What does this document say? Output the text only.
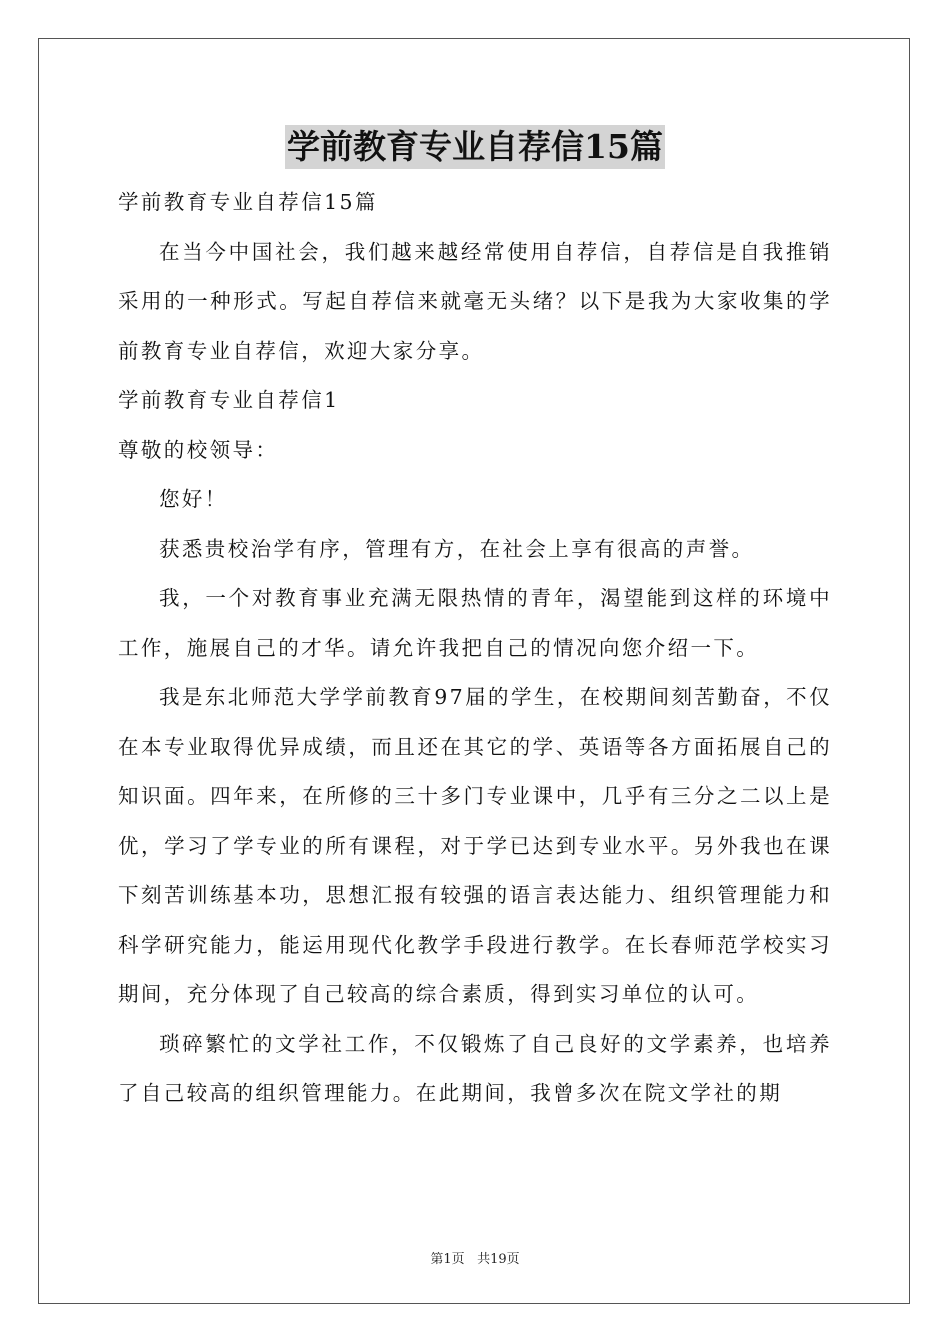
学前教育专业自荐信15篇

学前教育专业自荐信15篇

在当今中国社会，我们越来越经常使用自荐信，自荐信是自我推销采用的一种形式。写起自荐信来就毫无头绪？以下是我为大家收集的学前教育专业自荐信，欢迎大家分享。

学前教育专业自荐信1

尊敬的校领导：

您好！

获悉贵校治学有序，管理有方，在社会上享有很高的声誉。

我，一个对教育事业充满无限热情的青年，渴望能到这样的环境中工作，施展自己的才华。请允许我把自己的情况向您介绍一下。

我是东北师范大学学前教育97届的学生，在校期间刻苦勤奋，不仅在本专业取得优异成绩，而且还在其它的学、英语等各方面拓展自己的知识面。四年来，在所修的三十多门专业课中，几乎有三分之二以上是优，学习了学专业的所有课程，对于学已达到专业水平。另外我也在课下刻苦训练基本功，思想汇报有较强的语言表达能力、组织管理能力和科学研究能力，能运用现代化教学手段进行教学。在长春师范学校实习期间，充分体现了自己较高的综合素质，得到实习单位的认可。

琐碎繁忙的文学社工作，不仅锻炼了自己良好的文学素养，也培养了自己较高的组织管理能力。在此期间，我曾多次在院文学社的期

第1页 共19页
